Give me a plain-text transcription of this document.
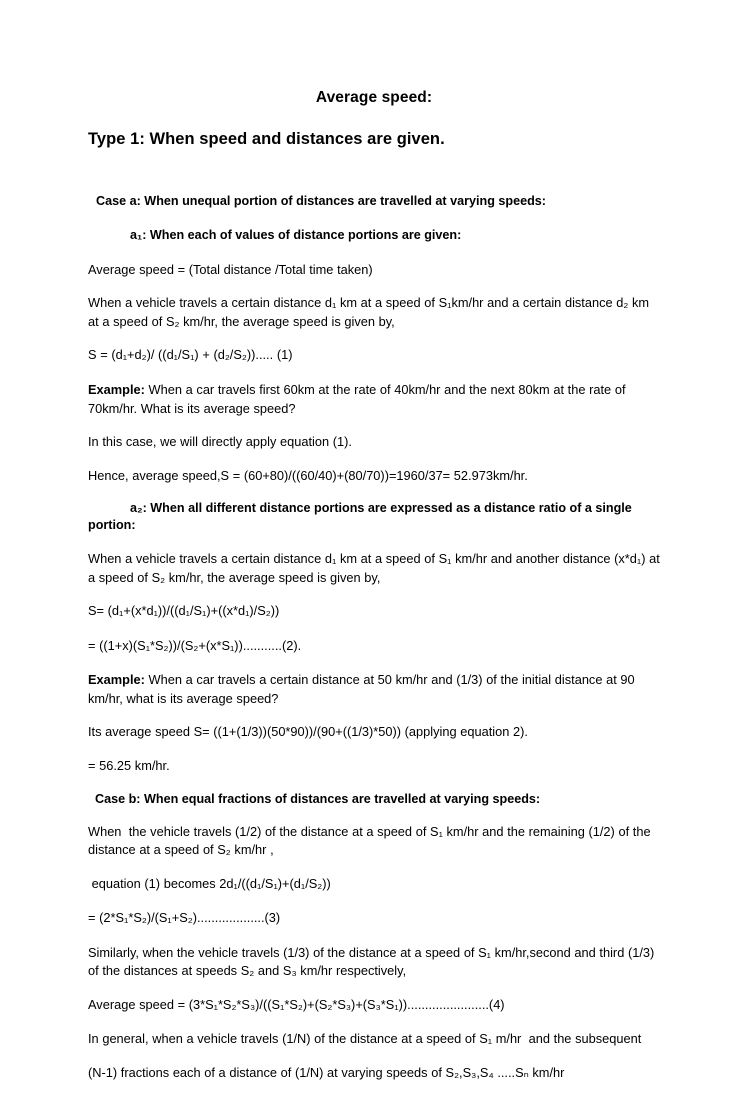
Average speed:
Type 1: When speed and distances are given.
Case a: When unequal portion of distances are travelled at varying speeds:
a₁: When each of values of distance portions are given:

Average speed = (Total distance /Total time taken)

When a vehicle travels a certain distance d₁ km at a speed of S₁km/hr and a certain distance d₂ km at a speed of S₂ km/hr, the average speed is given by,

S = (d₁+d₂)/ ((d₁/S₁) + (d₂/S₂))..... (1)

Example: When a car travels first 60km at the rate of 40km/hr and the next 80km at the rate of 70km/hr. What is its average speed?

In this case, we will directly apply equation (1).

Hence, average speed,S = (60+80)/((60/40)+(80/70))=1960/37= 52.973km/hr.

a₂: When all different distance portions are expressed as a distance ratio of a single portion:

When a vehicle travels a certain distance d₁ km at a speed of S₁ km/hr and another distance (x*d₁) at a speed of S₂ km/hr, the average speed is given by,

S= (d₁+(x*d₁))/((d₁/S₁)+((x*d₁)/S₂))

= ((1+x)(S₁*S₂))/(S₂+(x*S₁))...........(2).

Example: When a car travels a certain distance at 50 km/hr and (1/3) of the initial distance at 90 km/hr, what is its average speed?

Its average speed S= ((1+(1/3))(50*90))/(90+((1/3)*50)) (applying equation 2).

= 56.25 km/hr.

Case b: When equal fractions of distances are travelled at varying speeds:

When  the vehicle travels (1/2) of the distance at a speed of S₁ km/hr and the remaining (1/2) of the distance at a speed of S₂ km/hr ,

equation (1) becomes 2d₁/((d₁/S₁)+(d₁/S₂))

= (2*S₁*S₂)/(S₁+S₂)...................(3)

Similarly, when the vehicle travels (1/3) of the distance at a speed of S₁ km/hr,second and third (1/3) of the distances at speeds S₂ and S₃ km/hr respectively,

Average speed = (3*S₁*S₂*S₃)/((S₁*S₂)+(S₂*S₃)+(S₃*S₁)).......................(4)

In general, when a vehicle travels (1/N) of the distance at a speed of S₁ m/hr  and the subsequent

(N-1) fractions each of a distance of (1/N) at varying speeds of S₂,S₃,S₄ .....Sₙ km/hr
